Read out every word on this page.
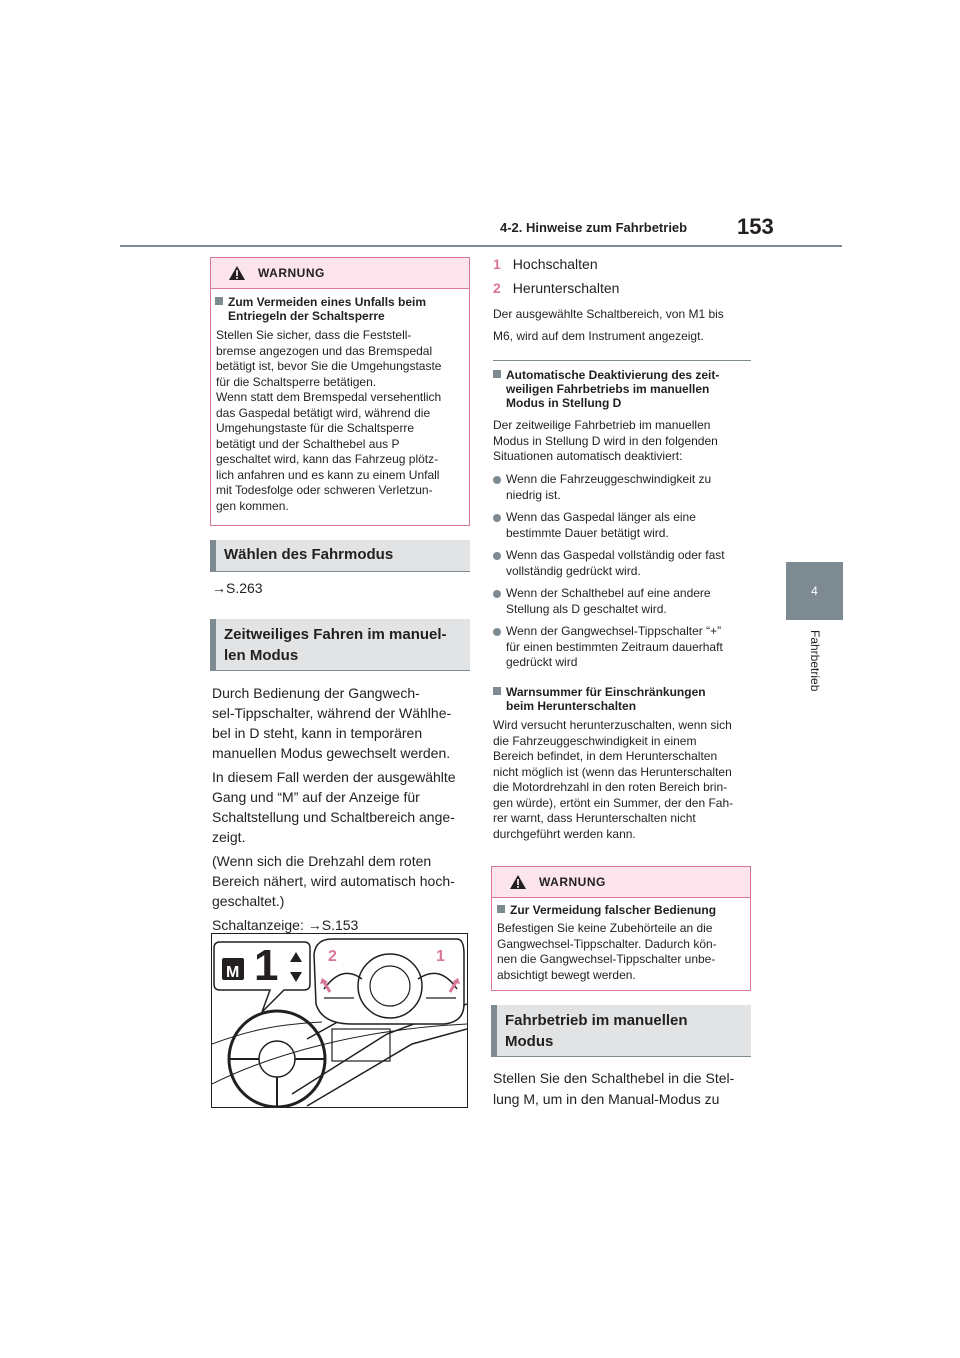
4-2. Hinweise zum Fahrbetrieb 153
4
Fahrbetrieb
WARNUNG
Zum Vermeiden eines Unfalls beim
Entriegeln der Schaltsperre
Stellen Sie sicher, dass die Feststell-
bremse angezogen und das Bremspedal
betätigt ist, bevor Sie die Umgehungstaste
für die Schaltsperre betätigen.
Wenn statt dem Bremspedal versehentlich
das Gaspedal betätigt wird, während die
Umgehungstaste für die Schaltsperre
betätigt und der Schalthebel aus P
geschaltet wird, kann das Fahrzeug plötz-
lich anfahren und es kann zu einem Unfall
mit Todesfolge oder schweren Verletzun-
gen kommen.
Wählen des Fahrmodus
→S.263
Zeitweiliges Fahren im manuel-
len Modus
Durch Bedienung der Gangwech-
sel-Tippschalter, während der Wählhe-
bel in D steht, kann in temporären
manuellen Modus gewechselt werden.
In diesem Fall werden der ausgewählte
Gang und “M” auf der Anzeige für
Schaltstellung und Schaltbereich ange-
zeigt.
(Wenn sich die Drehzahl dem roten
Bereich nähert, wird automatisch hoch-
geschaltet.)
Schaltanzeige: →S.153
M 1	2	1
1 Hochschalten
2 Herunterschalten
Der ausgewählte Schaltbereich, von M1 bis
M6, wird auf dem Instrument angezeigt.
Automatische Deaktivierung des zeit-
weiligen Fahrbetriebs im manuellen
Modus in Stellung D
Der zeitweilige Fahrbetrieb im manuellen
Modus in Stellung D wird in den folgenden
Situationen automatisch deaktiviert:
Wenn die Fahrzeuggeschwindigkeit zu
niedrig ist.
Wenn das Gaspedal länger als eine
bestimmte Dauer betätigt wird.
Wenn das Gaspedal vollständig oder fast
vollständig gedrückt wird.
Wenn der Schalthebel auf eine andere
Stellung als D geschaltet wird.
Wenn der Gangwechsel-Tippschalter “+”
für einen bestimmten Zeitraum dauerhaft
gedrückt wird
Warnsummer für Einschränkungen
beim Herunterschalten
Wird versucht herunterzuschalten, wenn sich
die Fahrzeuggeschwindigkeit in einem
Bereich befindet, in dem Herunterschalten
nicht möglich ist (wenn das Herunterschalten
die Motordrehzahl in den roten Bereich brin-
gen würde), ertönt ein Summer, der den Fah-
rer warnt, dass Herunterschalten nicht
durchgeführt werden kann.
WARNUNG
Zur Vermeidung falscher Bedienung
Befestigen Sie keine Zubehörteile an die
Gangwechsel-Tippschalter. Dadurch kön-
nen die Gangwechsel-Tippschalter unbe-
absichtigt bewegt werden.
Fahrbetrieb im manuellen
Modus
Stellen Sie den Schalthebel in die Stel-
lung M, um in den Manual-Modus zu
